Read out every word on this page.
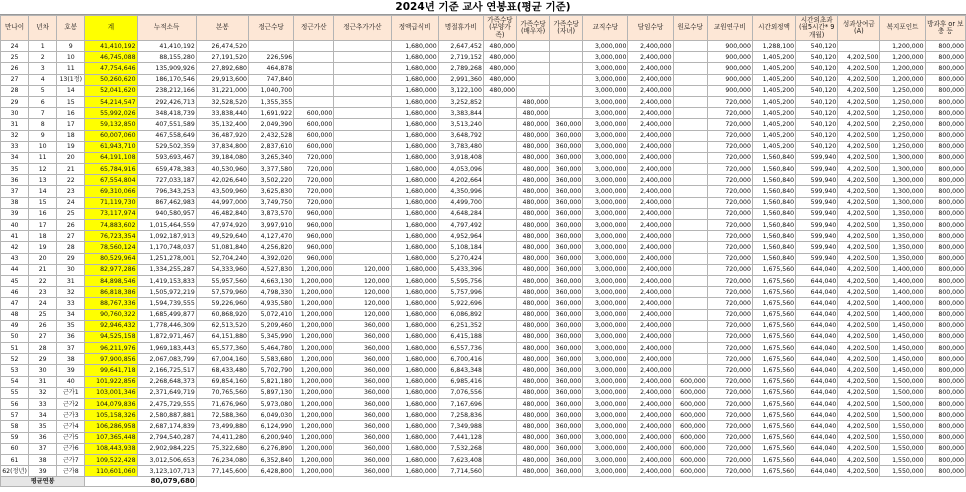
2024년 기준 교사 연봉표(평균 기준)
만나이	년차	호봉	계	누적소득	본봉	정근수당	정근가산	정근추가가산	정액급식비	명절휴가비	가족수당 (부양가족)	가족수당 (배우자)	가족수당 (자녀)	교직수당	담임수당	원로수당	교원연구비	시간외정액	시간외초과 (월5시간* 9개월)	성과상여금 (A)	복지포인트	방과후 or 보충 등
24	1	9	41,410,192	41,410,192	26,474,520				1,680,000	2,647,452	480,000			3,000,000	2,400,000		900,000	1,288,100	540,120		1,200,000	800,000
25	2	10	46,745,088	88,155,280	27,191,520	226,596			1,680,000	2,719,152	480,000			3,000,000	2,400,000		900,000	1,405,200	540,120	4,202,500	1,200,000	800,000
26	3	11	47,754,646	135,909,926	27,892,680	464,878			1,680,000	2,789,268	480,000			3,000,000	2,400,000		900,000	1,405,200	540,120	4,202,500	1,200,000	800,000
27	4	13(1정)	50,260,620	186,170,546	29,913,600	747,840			1,680,000	2,991,360	480,000			3,000,000	2,400,000		900,000	1,405,200	540,120	4,202,500	1,200,000	800,000
28	5	14	52,041,620	238,212,166	31,221,000	1,040,700			1,680,000	3,122,100	480,000			3,000,000	2,400,000		900,000	1,405,200	540,120	4,202,500	1,250,000	800,000
29	6	15	54,214,547	292,426,713	32,528,520	1,355,355			1,680,000	3,252,852		480,000		3,000,000	2,400,000		720,000	1,405,200	540,120	4,202,500	1,250,000	800,000
30	7	16	55,992,026	348,418,739	33,838,440	1,691,922	600,000		1,680,000	3,383,844		480,000		3,000,000	2,400,000		720,000	1,405,200	540,120	4,202,500	1,250,000	800,000
31	8	17	59,132,850	407,551,589	35,132,400	2,049,390	600,000		1,680,000	3,513,240		480,000	360,000	3,000,000	2,400,000		720,000	1,405,200	540,120	4,202,500	2,250,000	800,000
32	9	18	60,007,060	467,558,649	36,487,920	2,432,528	600,000		1,680,000	3,648,792		480,000	360,000	3,000,000	2,400,000		720,000	1,405,200	540,120	4,202,500	1,250,000	800,000
33	10	19	61,943,710	529,502,359	37,834,800	2,837,610	600,000		1,680,000	3,783,480		480,000	360,000	3,000,000	2,400,000		720,000	1,405,200	540,120	4,202,500	1,250,000	800,000
34	11	20	64,191,108	593,693,467	39,184,080	3,265,340	720,000		1,680,000	3,918,408		480,000	360,000	3,000,000	2,400,000		720,000	1,560,840	599,940	4,202,500	1,300,000	800,000
35	12	21	65,784,916	659,478,383	40,530,960	3,377,580	720,000		1,680,000	4,053,096		480,000	360,000	3,000,000	2,400,000		720,000	1,560,840	599,940	4,202,500	1,300,000	800,000
36	13	22	67,554,804	727,033,187	42,026,640	3,502,220	720,000		1,680,000	4,202,664		480,000	360,000	3,000,000	2,400,000		720,000	1,560,840	599,940	4,202,500	1,300,000	800,000
37	14	23	69,310,066	796,343,253	43,509,960	3,625,830	720,000		1,680,000	4,350,996		480,000	360,000	3,000,000	2,400,000		720,000	1,560,840	599,940	4,202,500	1,300,000	800,000
38	15	24	71,119,730	867,462,983	44,997,000	3,749,750	720,000		1,680,000	4,499,700		480,000	360,000	3,000,000	2,400,000		720,000	1,560,840	599,940	4,202,500	1,300,000	800,000
39	16	25	73,117,974	940,580,957	46,482,840	3,873,570	960,000		1,680,000	4,648,284		480,000	360,000	3,000,000	2,400,000		720,000	1,560,840	599,940	4,202,500	1,350,000	800,000
40	17	26	74,883,602	1,015,464,559	47,974,920	3,997,910	960,000		1,680,000	4,797,492		480,000	360,000	3,000,000	2,400,000		720,000	1,560,840	599,940	4,202,500	1,350,000	800,000
41	18	27	76,723,354	1,092,187,913	49,529,640	4,127,470	960,000		1,680,000	4,952,964		480,000	360,000	3,000,000	2,400,000		720,000	1,560,840	599,940	4,202,500	1,350,000	800,000
42	19	28	78,560,124	1,170,748,037	51,081,840	4,256,820	960,000		1,680,000	5,108,184		480,000	360,000	3,000,000	2,400,000		720,000	1,560,840	599,940	4,202,500	1,350,000	800,000
43	20	29	80,529,964	1,251,278,001	52,704,240	4,392,020	960,000		1,680,000	5,270,424		480,000	360,000	3,000,000	2,400,000		720,000	1,560,840	599,940	4,202,500	1,350,000	800,000
44	21	30	82,977,286	1,334,255,287	54,333,960	4,527,830	1,200,000	120,000	1,680,000	5,433,396		480,000	360,000	3,000,000	2,400,000		720,000	1,675,560	644,040	4,202,500	1,400,000	800,000
45	22	31	84,898,546	1,419,153,833	55,957,560	4,663,130	1,200,000	120,000	1,680,000	5,595,756		480,000	360,000	3,000,000	2,400,000		720,000	1,675,560	644,040	4,202,500	1,400,000	800,000
46	23	32	86,818,386	1,505,972,219	57,579,960	4,798,330	1,200,000	120,000	1,680,000	5,757,996		480,000	360,000	3,000,000	2,400,000		720,000	1,675,560	644,040	4,202,500	1,400,000	800,000
47	24	33	88,767,336	1,594,739,555	59,226,960	4,935,580	1,200,000	120,000	1,680,000	5,922,696		480,000	360,000	3,000,000	2,400,000		720,000	1,675,560	644,040	4,202,500	1,400,000	800,000
48	25	34	90,760,322	1,685,499,877	60,868,920	5,072,410	1,200,000	120,000	1,680,000	6,086,892		480,000	360,000	3,000,000	2,400,000		720,000	1,675,560	644,040	4,202,500	1,400,000	800,000
49	26	35	92,946,432	1,778,446,309	62,513,520	5,209,460	1,200,000	360,000	1,680,000	6,251,352		480,000	360,000	3,000,000	2,400,000		720,000	1,675,560	644,040	4,202,500	1,450,000	800,000
50	27	36	94,525,158	1,872,971,467	64,151,880	5,345,990	1,200,000	360,000	1,680,000	6,415,188		480,000	360,000	3,000,000	2,400,000		720,000	1,675,560	644,040	4,202,500	1,450,000	800,000
51	28	37	96,211,976	1,969,183,443	65,577,360	5,464,780	1,200,000	360,000	1,680,000	6,557,736		480,000	360,000	3,000,000	2,400,000		720,000	1,675,560	644,040	4,202,500	1,450,000	800,000
52	29	38	97,900,856	2,067,083,799	67,004,160	5,583,680	1,200,000	360,000	1,680,000	6,700,416		480,000	360,000	3,000,000	2,400,000		720,000	1,675,560	644,040	4,202,500	1,450,000	800,000
53	30	39	99,641,718	2,166,725,517	68,433,480	5,702,790	1,200,000	360,000	1,680,000	6,843,348		480,000	360,000	3,000,000	2,400,000		720,000	1,675,560	644,040	4,202,500	1,450,000	800,000
54	31	40	101,922,856	2,268,648,373	69,854,160	5,821,180	1,200,000	360,000	1,680,000	6,985,416		480,000	360,000	3,000,000	2,400,000	600,000	720,000	1,675,560	644,040	4,202,500	1,500,000	800,000
55	32	근가1	103,001,346	2,371,649,719	70,765,560	5,897,130	1,200,000	360,000	1,680,000	7,076,556		480,000	360,000	3,000,000	2,400,000	600,000	720,000	1,675,560	644,040	4,202,500	1,500,000	800,000
56	33	근가2	104,079,836	2,475,729,555	71,676,960	5,973,080	1,200,000	360,000	1,680,000	7,167,696		480,000	360,000	3,000,000	2,400,000	600,000	720,000	1,675,560	644,040	4,202,500	1,500,000	800,000
57	34	근가3	105,158,326	2,580,887,881	72,588,360	6,049,030	1,200,000	360,000	1,680,000	7,258,836		480,000	360,000	3,000,000	2,400,000	600,000	720,000	1,675,560	644,040	4,202,500	1,500,000	800,000
58	35	근가4	106,286,958	2,687,174,839	73,499,880	6,124,990	1,200,000	360,000	1,680,000	7,349,988		480,000	360,000	3,000,000	2,400,000	600,000	720,000	1,675,560	644,040	4,202,500	1,550,000	800,000
59	36	근가5	107,365,448	2,794,540,287	74,411,280	6,200,940	1,200,000	360,000	1,680,000	7,441,128		480,000	360,000	3,000,000	2,400,000	600,000	720,000	1,675,560	644,040	4,202,500	1,550,000	800,000
60	37	근가6	108,443,938	2,902,984,225	75,322,680	6,276,890	1,200,000	360,000	1,680,000	7,532,268		480,000	360,000	3,000,000	2,400,000	600,000	720,000	1,675,560	644,040	4,202,500	1,550,000	800,000
61	38	근가7	109,522,428	3,012,506,653	76,234,080	6,352,840	1,200,000	360,000	1,680,000	7,623,408		480,000	360,000	3,000,000	2,400,000	600,000	720,000	1,675,560	644,040	4,202,500	1,550,000	800,000
62(정년)	39	근가8	110,601,060	3,123,107,713	77,145,600	6,428,800	1,200,000	360,000	1,680,000	7,714,560		480,000	360,000	3,000,000	2,400,000	600,000	720,000	1,675,560	644,040	4,202,500	1,550,000	800,000
평균연봉			80,079,680																			
